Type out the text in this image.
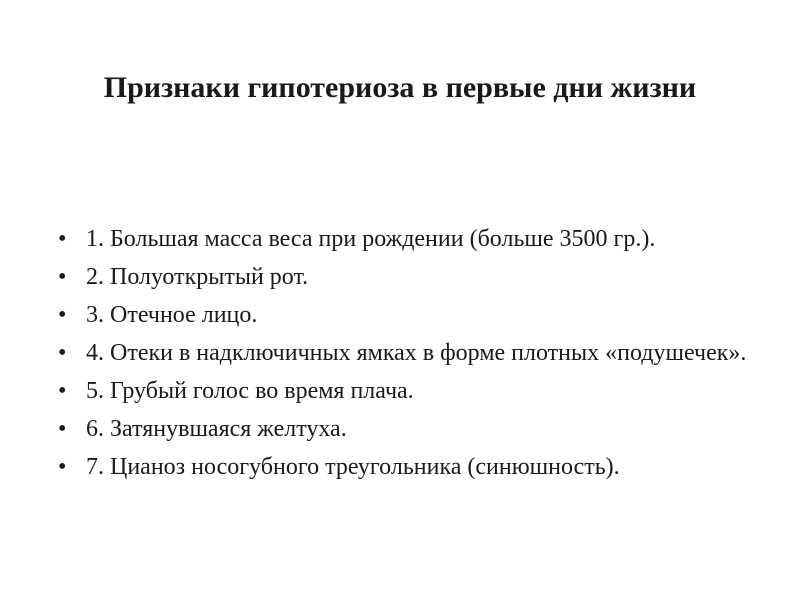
Признаки гипотериоза в первые дни жизни
• 1. Большая масса веса при рождении (больше 3500 гр.).
• 2. Полуоткрытый рот.
• 3. Отечное лицо.
• 4. Отеки в надключичных ямках в форме плотных «подушечек».
• 5. Грубый голос во время плача.
• 6. Затянувшаяся желтуха.
• 7. Цианоз носогубного треугольника (синюшность).
